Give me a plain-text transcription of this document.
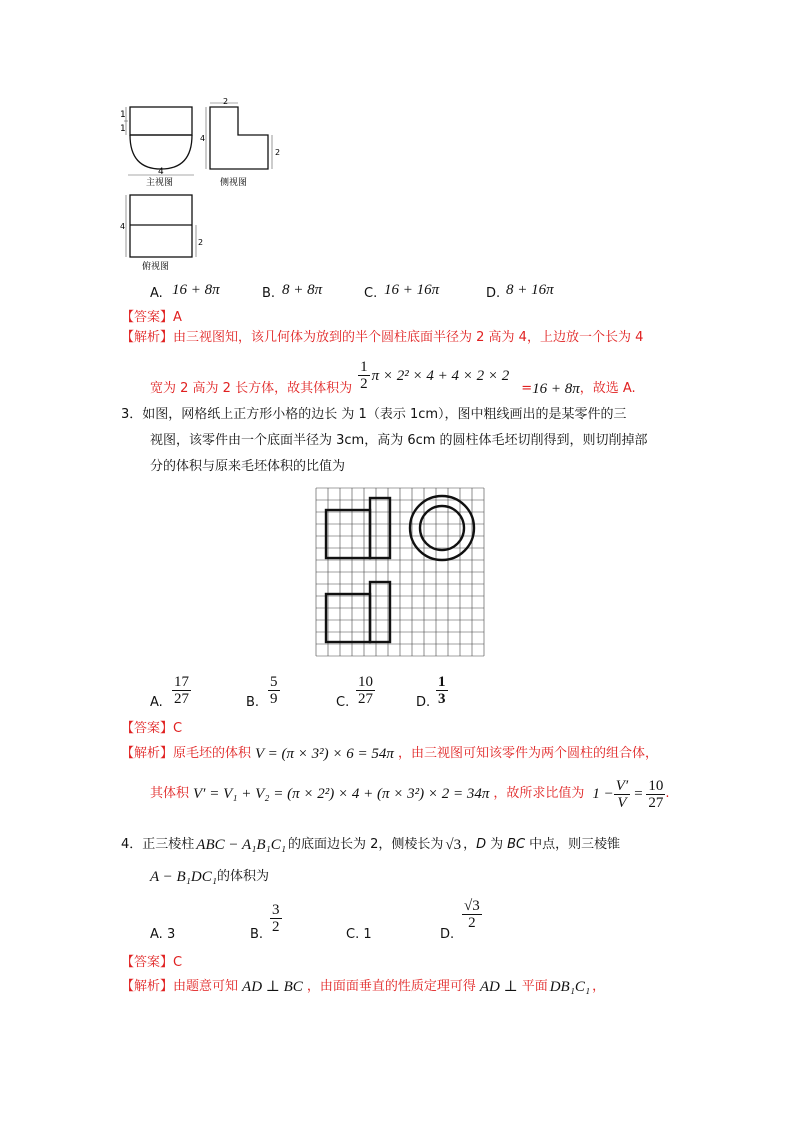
4
1
1
主视图
2
4
2
侧视图
4
2
俯视图
A. 16 + 8π	B. 8 + 8π	C. 16 + 16π	D. 8 + 16π
【答案】A
【解析】由三视图知，该几何体为放到的半个圆柱底面半径为 2 高为 4，上边放一个长为 4
宽为 2 高为 2 长方体，故其体积为 $\frac{1}{2}$ π × 2² × 4 + 4 × 2 × 2
= 16 + 8π ，故选 A.
3．如图，网格纸上正方形小格的边长 为 1（表示 1cm），图中粗线画出的是某零件的三
视图，该零件由一个底面半径为 3cm，高为 6cm 的圆柱体毛坯切削得到，则切削掉部
分的体积与原来毛坯体积的比值为
A. $\frac{17}{27}$	B. $\frac{5}{9}$	C. $\frac{10}{27}$	D. $\frac{1}{3}$
【答案】C
【解析】 原毛坯的体积 V = (π × 3²) × 6 = 54π ，由三视图可知该零件为两个圆柱的组合体，
其体积 V′ = V₁ + V₂ = (π × 2²) × 4 + (π × 3²) × 2 = 34π ，故所求比值为 $1 - \frac{V'}{V} = \frac{10}{27}$ .
4． 正三棱柱 ABC − A₁B₁C₁ 的底面边长为 2，侧棱长为 √3 ， D 为 BC 中点，则三棱锥
A − B₁DC₁ 的体积为
A. 3	B. $\frac{3}{2}$	C. 1	D.
$\frac{√3}{2}$
【答案】C
【解析】 由题意可知 AD ⊥ BC ，由面面垂直的性质定理可得 AD ⊥ 平面 DB₁C₁ ，
